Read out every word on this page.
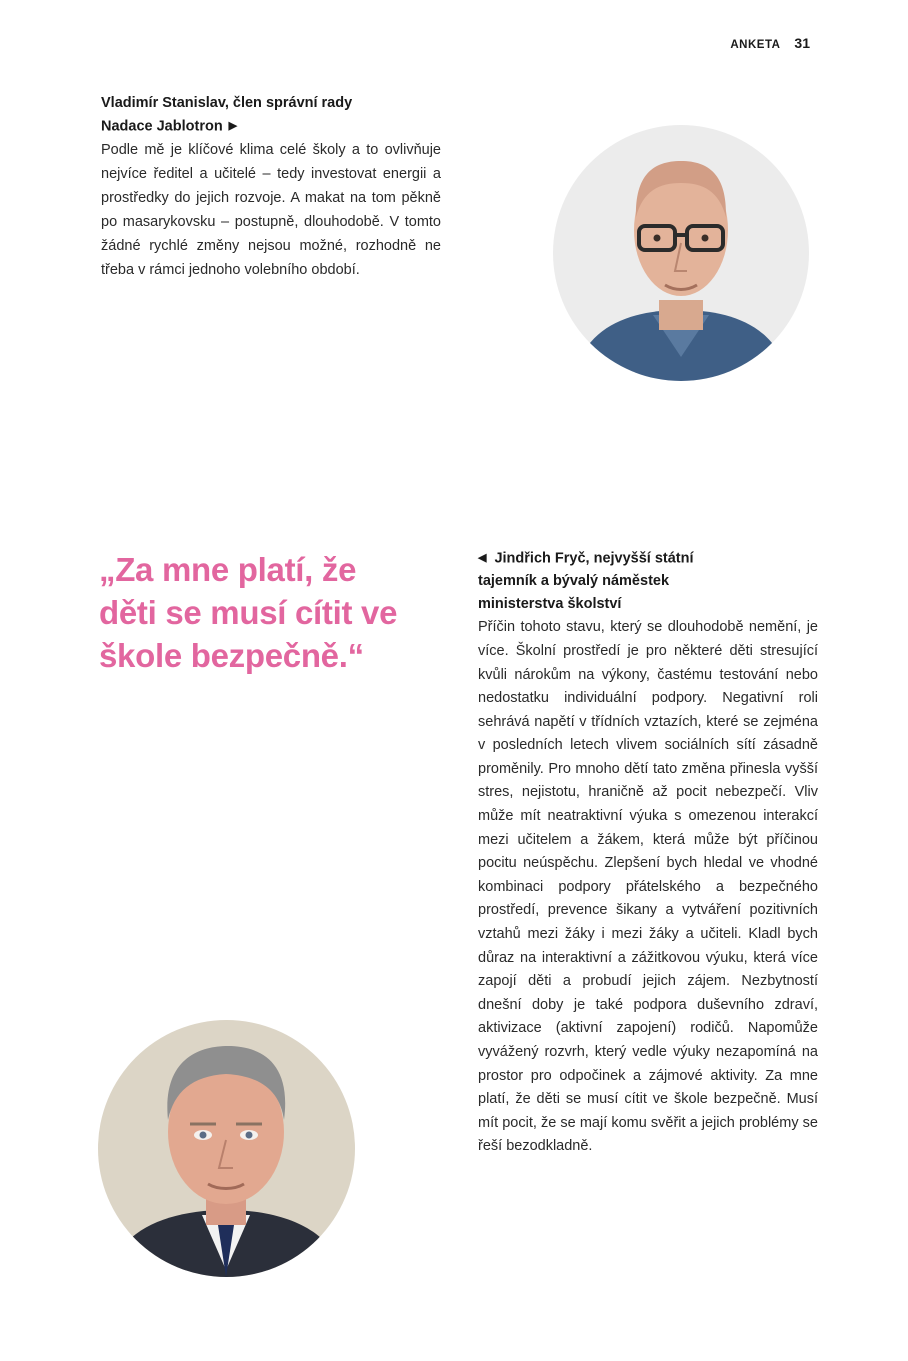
ANKETA 31
Vladimír Stanislav, člen správní rady
Nadace Jablotron ▶

Podle mě je klíčové klima celé školy a to ovlivňuje nejvíce ředitel a učitelé – tedy investovat energii a prostředky do jejich rozvoje. A makat na tom pěkně po masarykovsku – postupně, dlouhodobě. V tomto žádné rychlé změny nejsou možné, rozhodně ne třeba v rámci jednoho volebního období.

„Za mne platí, že děti se musí cítit ve škole bezpečně.“
◀ Jindřich Fryč, nejvyšší státní
tajemník a bývalý náměstek
ministerstva školství

Příčin tohoto stavu, který se dlouhodobě nemění, je více. Školní prostředí je pro některé děti stresující kvůli nárokům na výkony, častému testování nebo nedostatku individuální podpory. Negativní roli sehrává napětí v třídních vztazích, které se zejména v posledních letech vlivem sociálních sítí zásadně proměnily. Pro mnoho dětí tato změna přinesla vyšší stres, nejistotu, hraničně až pocit nebezpečí. Vliv může mít neatraktivní výuka s omezenou interakcí mezi učitelem a žákem, která může být příčinou pocitu neúspěchu. Zlepšení bych hledal ve vhodné kombinaci podpory přátelského a bezpečného prostředí, prevence šikany a vytváření pozitivních vztahů mezi žáky i mezi žáky a učiteli. Kladl bych důraz na interaktivní a zážitkovou výuku, která více zapojí děti a probudí jejich zájem. Nezbytností dnešní doby je také podpora duševního zdraví, aktivizace (aktivní zapojení) rodičů. Napomůže vyvážený rozvrh, který vedle výuky nezapomíná na prostor pro odpočinek a zájmové aktivity. Za mne platí, že děti se musí cítit ve škole bezpečně. Musí mít pocit, že se mají komu svěřit a jejich problémy se řeší bezodkladně.
